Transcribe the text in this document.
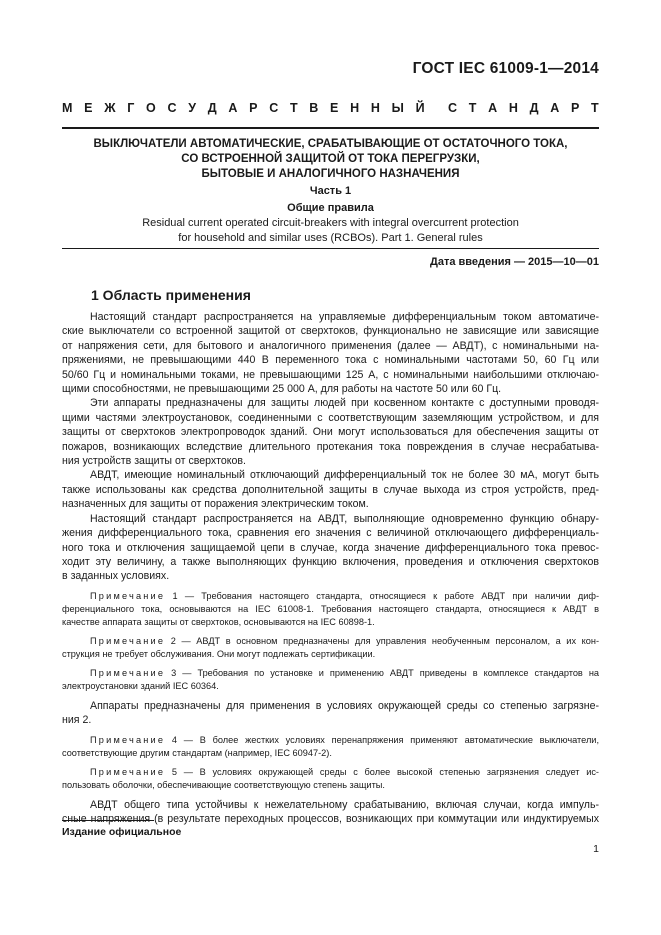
ГОСТ IEC 61009-1—2014
М Е Ж Г О С У Д А Р С Т В Е Н Н Ы Й С Т А Н Д А Р Т
ВЫКЛЮЧАТЕЛИ АВТОМАТИЧЕСКИЕ, СРАБАТЫВАЮЩИЕ ОТ ОСТАТОЧНОГО ТОКА,
СО ВСТРОЕННОЙ ЗАЩИТОЙ ОТ ТОКА ПЕРЕГРУЗКИ,
БЫТОВЫЕ И АНАЛОГИЧНОГО НАЗНАЧЕНИЯ
Часть 1
Общие правила
Residual current operated circuit-breakers with integral overcurrent protection
for household and similar uses (RCBOs). Part 1. General rules
Дата введения — 2015—10—01
1 Область применения

Настоящий стандарт распространяется на управляемые дифференциальным током автоматиче-
ские выключатели со встроенной защитой от сверхтоков, функционально не зависящие или зависящие
от напряжения сети, для бытового и аналогичного применения (далее — АВДТ), с номинальными на-
пряжениями, не превышающими 440 В переменного тока с номинальными частотами 50, 60 Гц или
50/60 Гц и номинальными токами, не превышающими 125 А, с номинальными наибольшими отключаю-
щими способностями, не превышающими 25 000 А, для работы на частоте 50 или 60 Гц.

Эти аппараты предназначены для защиты людей при косвенном контакте с доступными проводя-
щими частями электроустановок, соединенными с соответствующим заземляющим устройством, и для
защиты от сверхтоков электропроводок зданий. Они могут использоваться для обеспечения защиты от
пожаров, возникающих вследствие длительного протекания тока повреждения в случае несрабатыва-
ния устройств защиты от сверхтоков.

АВДТ, имеющие номинальный отключающий дифференциальный ток не более 30 мА, могут быть
также использованы как средства дополнительной защиты в случае выхода из строя устройств, пред-
назначенных для защиты от поражения электрическим током.

Настоящий стандарт распространяется на АВДТ, выполняющие одновременно функцию обнару-
жения дифференциального тока, сравнения его значения с величиной отключающего дифференциаль-
ного тока и отключения защищаемой цепи в случае, когда значение дифференциального тока превос-
ходит эту величину, а также выполняющих функцию включения, проведения и отключения сверхтоков
в заданных условиях.

Примечание 1 — Требования настоящего стандарта, относящиеся к работе АВДТ при наличии диф-
ференциального тока, основываются на IEC 61008-1. Требования настоящего стандарта, относящиеся к АВДТ в
качестве аппарата защиты от сверхтоков, основываются на IEC 60898-1.

Примечание 2 — АВДТ в основном предназначены для управления необученным персоналом, а их кон-
струкция не требует обслуживания. Они могут подлежать сертификации.

Примечание 3 — Требования по установке и применению АВДТ приведены в комплексе стандартов на
электроустановки зданий IEC 60364.

Аппараты предназначены для применения в условиях окружающей среды со степенью загрязне-
ния 2.

Примечание 4 — В более жестких условиях перенапряжения применяют автоматические выключатели,
соответствующие другим стандартам (например, IEC 60947-2).

Примечание 5 — В условиях окружающей среды с более высокой степенью загрязнения следует ис-
пользовать оболочки, обеспечивающие соответствующую степень защиты.

АВДТ общего типа устойчивы к нежелательному срабатыванию, включая случаи, когда импуль-
сные напряжения (в результате переходных процессов, возникающих при коммутации или индуктируемых

Издание официальное
1
